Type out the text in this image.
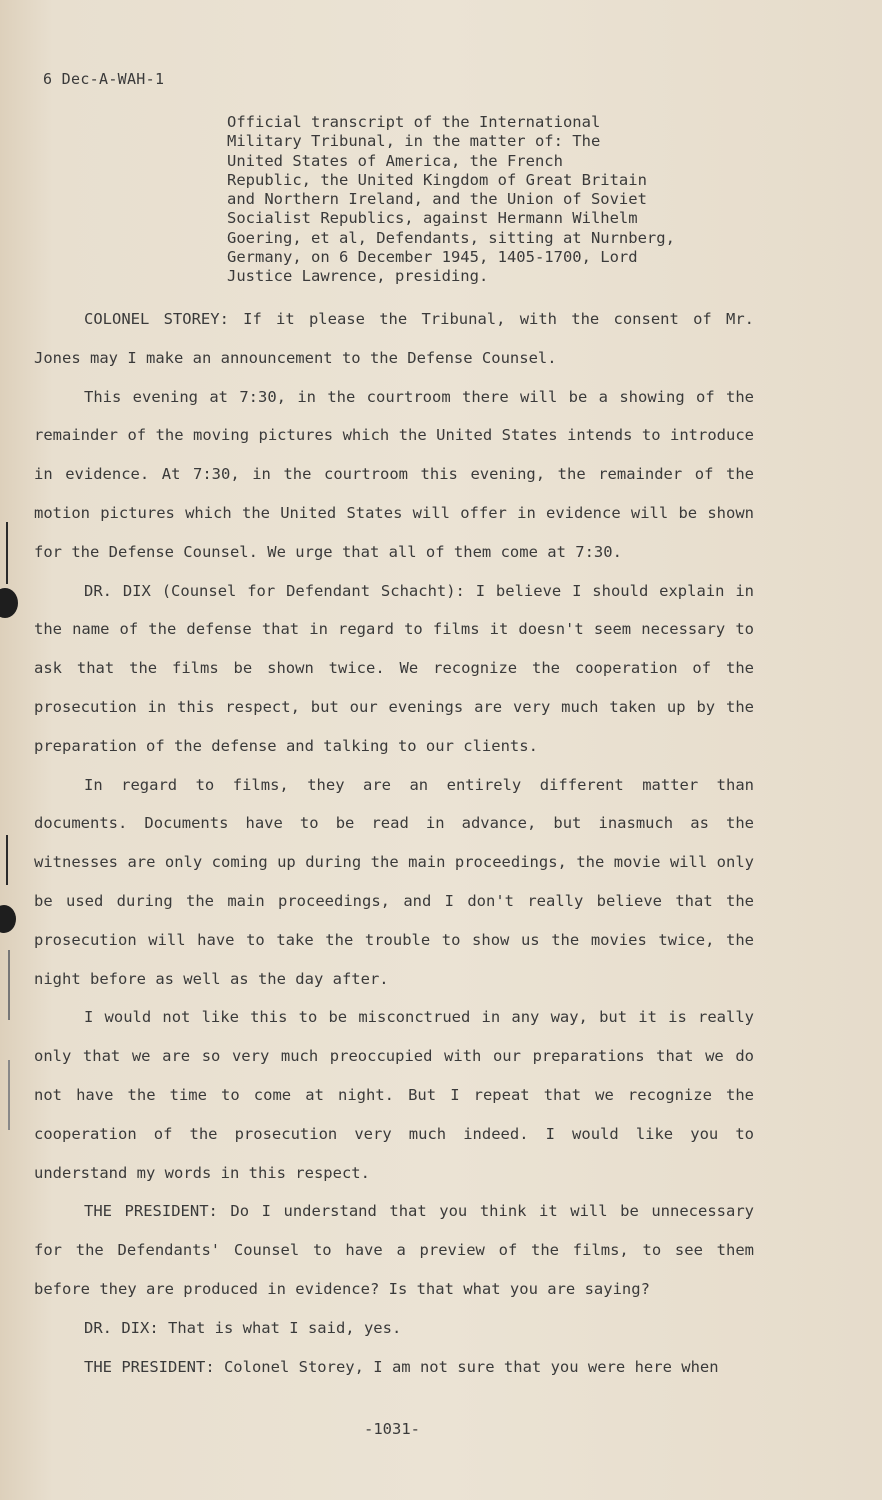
6 Dec-A-WAH-1
Official transcript of the International
Military Tribunal, in the matter of: The
United States of America, the French
Republic, the United Kingdom of Great Britain
and Northern Ireland, and the Union of Soviet
Socialist Republics, against Hermann Wilhelm
Goering, et al, Defendants, sitting at Nurnberg,
Germany, on 6 December 1945, 1405-1700, Lord
Justice Lawrence, presiding.

COLONEL STOREY: If it please the Tribunal, with the consent of Mr. Jones may I make an announcement to the Defense Counsel.

This evening at 7:30, in the courtroom there will be a showing of the remainder of the moving pictures which the United States intends to introduce in evidence. At 7:30, in the courtroom this evening, the remainder of the motion pictures which the United States will offer in evidence will be shown for the Defense Counsel. We urge that all of them come at 7:30.

DR. DIX (Counsel for Defendant Schacht): I believe I should explain in the name of the defense that in regard to films it doesn't seem necessary to ask that the films be shown twice. We recognize the cooperation of the prosecution in this respect, but our evenings are very much taken up by the preparation of the defense and talking to our clients.

In regard to films, they are an entirely different matter than documents. Documents have to be read in advance, but inasmuch as the witnesses are only coming up during the main proceedings, the movie will only be used during the main proceedings, and I don't really believe that the prosecution will have to take the trouble to show us the movies twice, the night before as well as the day after.

I would not like this to be misconctrued in any way, but it is really only that we are so very much preoccupied with our preparations that we do not have the time to come at night. But I repeat that we recognize the cooperation of the prosecution very much indeed. I would like you to understand my words in this respect.

THE PRESIDENT: Do I understand that you think it will be unnecessary for the Defendants' Counsel to have a preview of the films, to see them before they are produced in evidence? Is that what you are saying?

DR. DIX: That is what I said, yes.

THE PRESIDENT: Colonel Storey, I am not sure that you were here when

-1031-
